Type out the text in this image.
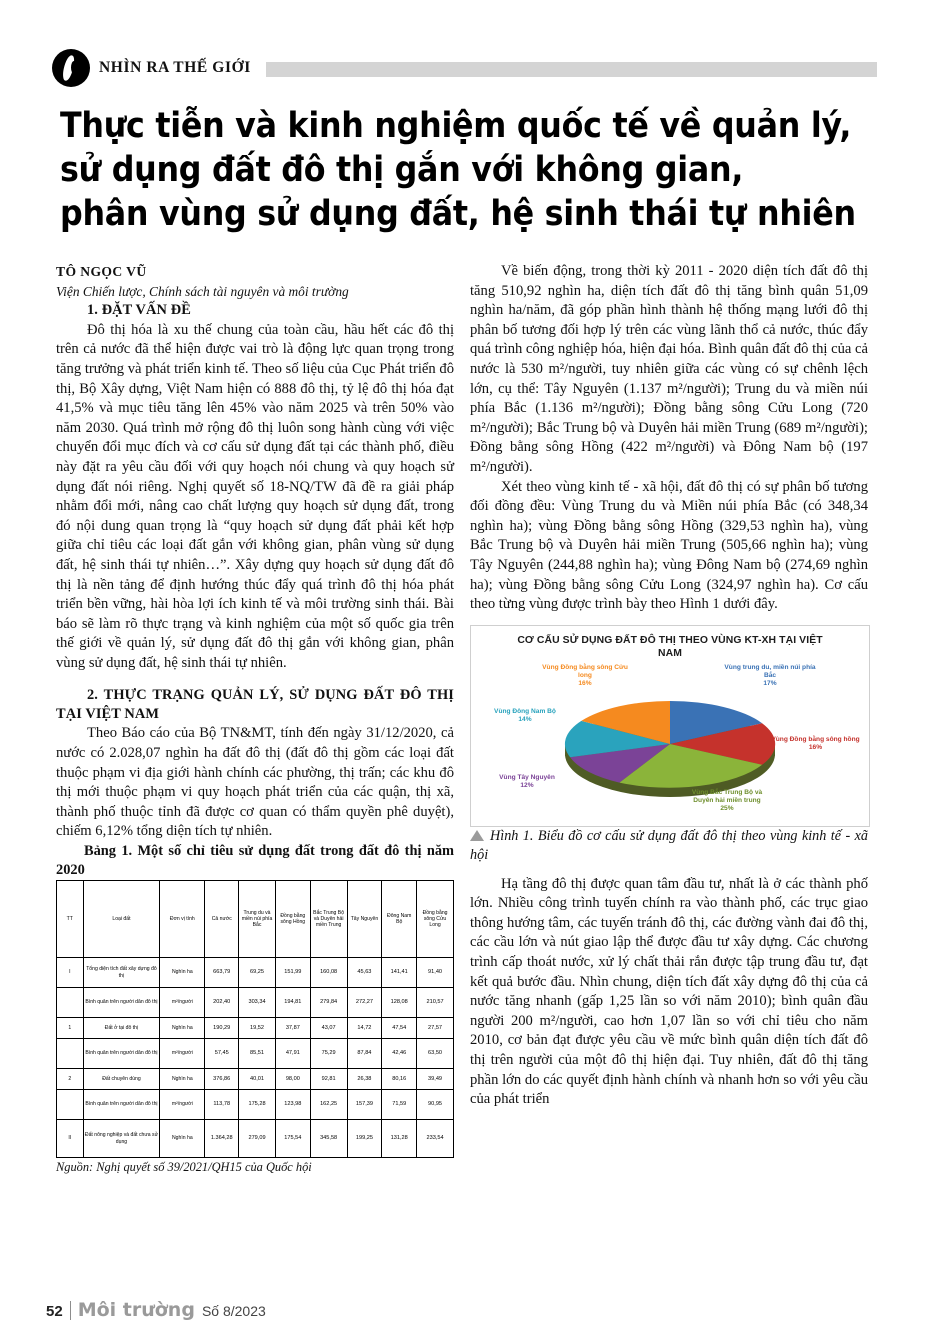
NHÌN RA THẾ GIỚI
Thực tiễn và kinh nghiệm quốc tế về quản lý,
sử dụng đất đô thị gắn với không gian,
phân vùng sử dụng đất, hệ sinh thái tự nhiên

TÔ NGỌC VŨ

Viện Chiến lược, Chính sách tài nguyên và môi trường

1. ĐẶT VẤN ĐỀ

Đô thị hóa là xu thế chung của toàn cầu, hầu hết các đô thị trên cả nước đã thể hiện được vai trò là động lực quan trọng trong tăng trưởng và phát triển kinh tế. Theo số liệu của Cục Phát triển đô thị, Bộ Xây dựng, Việt Nam hiện có 888 đô thị, tỷ lệ đô thị hóa đạt 41,5% và mục tiêu tăng lên 45% vào năm 2025 và trên 50% vào năm 2030. Quá trình mở rộng đô thị luôn song hành cùng với việc chuyển đổi mục đích và cơ cấu sử dụng đất tại các thành phố, điều này đặt ra yêu cầu đối với quy hoạch nói chung và quy hoạch sử dụng đất nói riêng. Nghị quyết số 18-NQ/TW đã đề ra giải pháp nhằm đổi mới, nâng cao chất lượng quy hoạch sử dụng đất, trong đó nội dung quan trọng là “quy hoạch sử dụng đất phải kết hợp giữa chỉ tiêu các loại đất gắn với không gian, phân vùng sử dụng đất, hệ sinh thái tự nhiên…”. Xây dựng quy hoạch sử dụng đất đô thị là nền tảng để định hướng thúc đẩy quá trình đô thị hóa phát triển bền vững, hài hòa lợi ích kinh tế và môi trường sinh thái. Bài báo sẽ làm rõ thực trạng và kinh nghiệm của một số quốc gia trên thế giới về quản lý, sử dụng đất đô thị gắn với không gian, phân vùng sử dụng đất, hệ sinh thái tự nhiên.

2. THỰC TRẠNG QUẢN LÝ, SỬ DỤNG ĐẤT ĐÔ THỊ TẠI VIỆT NAM

Theo Báo cáo của Bộ TN&MT, tính đến ngày 31/12/2020, cả nước có 2.028,07 nghìn ha đất đô thị (đất đô thị gồm các loại đất thuộc phạm vi địa giới hành chính các phường, thị trấn; các khu đô thị mới thuộc phạm vi quy hoạch phát triển của các quận, thị xã, thành phố thuộc tỉnh đã được cơ quan có thẩm quyền phê duyệt), chiếm 6,12% tổng diện tích tự nhiên.

Bảng 1. Một số chỉ tiêu sử dụng đất trong đất đô thị năm 2020

TT	Loại đất	Đơn vị tính	Cả nước	Trung du và miền núi phía Bắc	Đồng bằng sông Hồng	Bắc Trung Bộ và Duyên hải miền Trung	Tây Nguyên	Đông Nam Bộ	Đồng bằng sông Cửu Long
I	Tổng diện tích đất xây dựng đô thị	Nghìn ha	663,79	69,25	151,99	160,08	45,63	141,41	91,40
	Bình quân trên người dân đô thị	m²/người	202,40	303,34	194,81	279,84	272,27	128,08	210,57
1	Đất ở tại đô thị	Nghìn ha	190,29	19,52	37,87	43,07	14,72	47,54	27,57
	Bình quân trên người dân đô thị	m²/người	57,45	85,51	47,91	75,29	87,84	42,46	63,50
2	Đất chuyên dùng	Nghìn ha	376,86	40,01	98,00	92,81	26,38	80,16	39,49
	Bình quân trên người dân đô thị	m²/người	113,78	175,28	123,98	162,25	157,39	71,59	90,95
II	Đất nông nghiệp và đất chưa sử dụng	Nghìn ha	1.364,28	279,09	175,54	345,58	199,25	131,28	233,54

Nguồn: Nghị quyết số 39/2021/QH15 của Quốc hội

Về biến động, trong thời kỳ 2011 - 2020 diện tích đất đô thị tăng 510,92 nghìn ha, diện tích đất đô thị tăng bình quân 51,09 nghìn ha/năm, đã góp phần hình thành hệ thống mạng lưới đô thị phân bố tương đối hợp lý trên các vùng lãnh thổ cả nước, thúc đẩy quá trình công nghiệp hóa, hiện đại hóa. Bình quân đất đô thị của cả nước là 530 m²/người, tuy nhiên giữa các vùng có sự chênh lệch lớn, cụ thể: Tây Nguyên (1.137 m²/người); Trung du và miền núi phía Bắc (1.136 m²/người); Đồng bằng sông Cửu Long (720 m²/người); Bắc Trung bộ và Duyên hải miền Trung (689 m²/người); Đồng bằng sông Hồng (422 m²/người) và Đông Nam bộ (197 m²/người).

Xét theo vùng kinh tế - xã hội, đất đô thị có sự phân bố tương đối đồng đều: Vùng Trung du và Miền núi phía Bắc (có 348,34 nghìn ha); vùng Đồng bằng sông Hồng (329,53 nghìn ha), vùng Bắc Trung bộ và Duyên hải miền Trung (505,66 nghìn ha); vùng Tây Nguyên (244,88 nghìn ha); vùng Đông Nam bộ (274,69 nghìn ha); vùng Đồng bằng sông Cửu Long (324,97 nghìn ha). Cơ cấu theo từng vùng được trình bày theo Hình 1 dưới đây.

CƠ CẤU SỬ DỤNG ĐẤT ĐÔ THỊ THEO VÙNG KT-XH TẠI VIỆT NAM
Vùng trung du, miền núi phía Bắc
17%
Vùng Đồng bằng sông hồng
16%
Vùng Bắc Trung Bộ và Duyên hải miền trung
25%
Vùng Tây Nguyên
12%
Vùng Đông Nam Bộ
14%
Vùng Đồng bằng sông Cửu long
16%

Hình 1. Biểu đồ cơ cấu sử dụng đất đô thị theo vùng kinh tế - xã hội

Hạ tầng đô thị được quan tâm đầu tư, nhất là ở các thành phố lớn. Nhiều công trình tuyến chính ra vào thành phố, các trục giao thông hướng tâm, các tuyến tránh đô thị, các đường vành đai đô thị, các cầu lớn và nút giao lập thể được đầu tư xây dựng. Các chương trình cấp thoát nước, xử lý chất thải rắn được tập trung đầu tư, đạt kết quả bước đầu. Nhìn chung, diện tích đất xây dựng đô thị của cả nước tăng nhanh (gấp 1,25 lần so với năm 2010); bình quân đầu người 200 m²/người, cao hơn 1,07 lần so với chỉ tiêu cho năm 2010, cơ bản đạt được yêu cầu về mức bình quân diện tích đất đô thị trên người của một đô thị hiện đại. Tuy nhiên, đất đô thị tăng phần lớn do các quyết định hành chính và nhanh hơn so với yêu cầu của phát triển

52 Môi trường Số 8/2023
